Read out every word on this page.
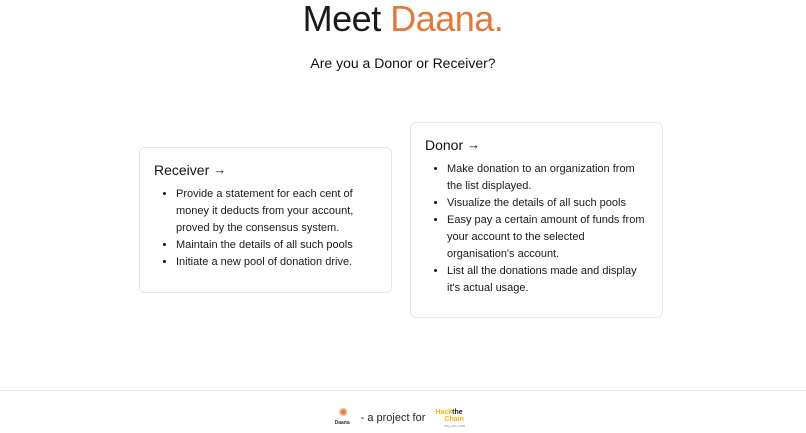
Meet Daana.
Are you a Donor or Receiver?
Receiver →
• Provide a statement for each cent of money it deducts from your account, proved by the consensus system.
• Maintain the details of all such pools
• Initiate a new pool of donation drive.
Donor →
• Make donation to an organization from the list displayed.
• Visualize the details of all such pools
• Easy pay a certain amount of funds from your account to the selected organisation's account.
• List all the donations made and display it's actual usage.
✺
Daana - a project for Hackthe
Chain
May 10th, 2020
